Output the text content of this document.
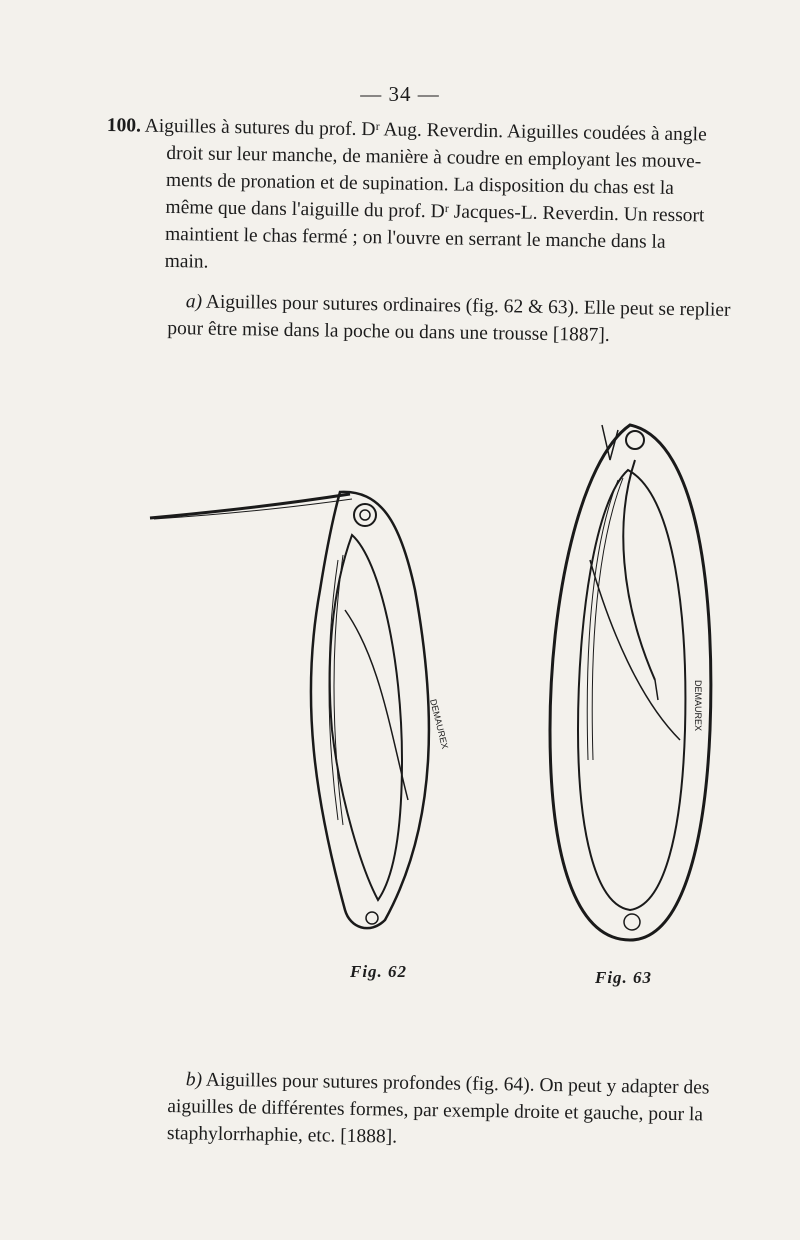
— 34 —

100. Aiguilles à sutures du prof. Dʳ Aug. Reverdin. Aiguilles coudées à angle

droit sur leur manche, de manière à coudre en employant les mouve-

ments de pronation et de supination. La disposition du chas est la

même que dans l'aiguille du prof. Dʳ Jacques-L. Reverdin. Un ressort

maintient le chas fermé ; on l'ouvre en serrant le manche dans la

main.

a) Aiguilles pour sutures ordinaires (fig. 62 & 63). Elle peut se replier pour être mise dans la poche ou dans une trousse [1887].
DEMAUREX	DEMAUREX
Fig. 62	Fig. 63
b) Aiguilles pour sutures profondes (fig. 64). On peut y adapter des aiguilles de différentes formes, par exemple droite et gauche, pour la staphylorrhaphie, etc. [1888].
